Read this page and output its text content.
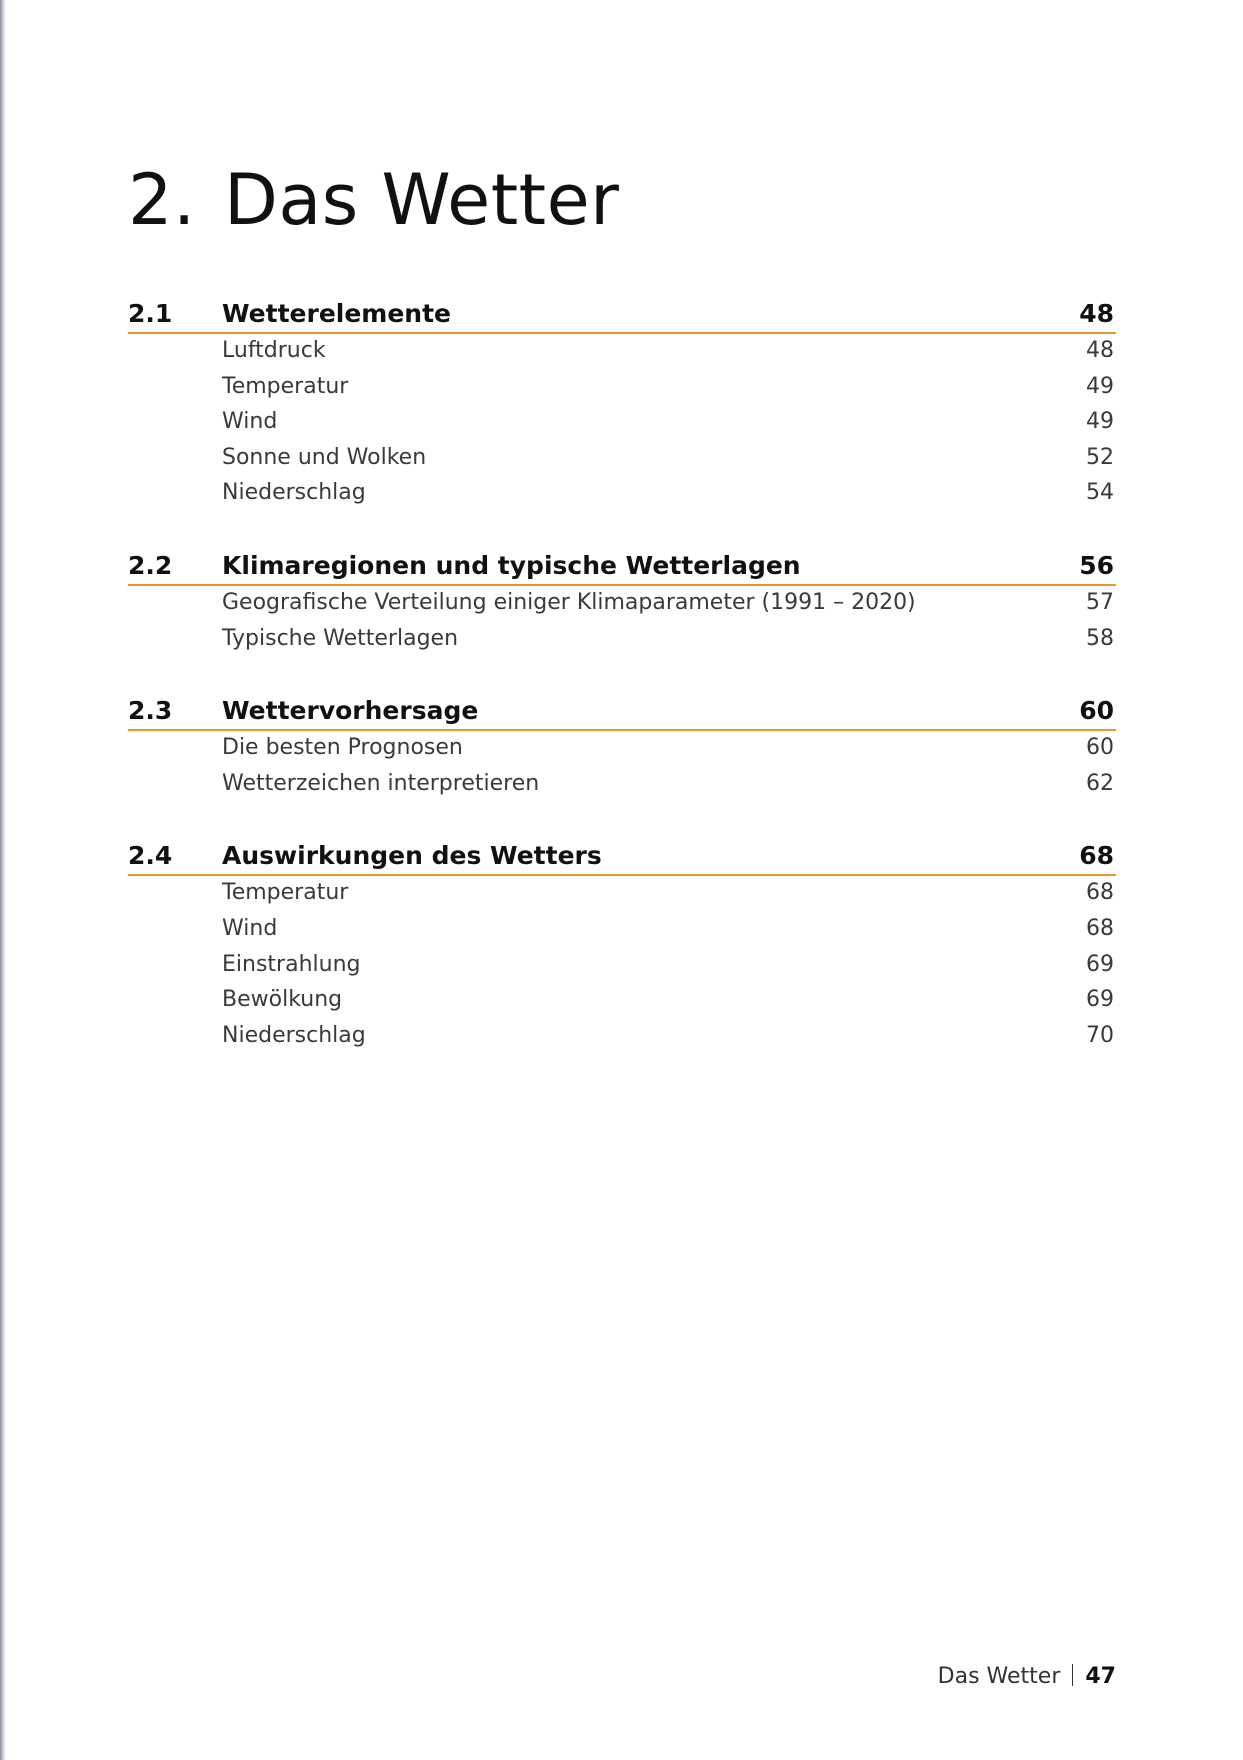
2. Das Wetter
2.1 Wetterelemente	48
Luftdruck	48
Temperatur	49
Wind	49
Sonne und Wolken	52
Niederschlag	54
2.2 Klimaregionen und typische Wetterlagen	56
Geografische Verteilung einiger Klimaparameter (1991 – 2020)	57
Typische Wetterlagen	58
2.3 Wettervorhersage	60
Die besten Prognosen	60
Wetterzeichen interpretieren	62
2.4 Auswirkungen des Wetters	68
Temperatur	68
Wind	68
Einstrahlung	69
Bewölkung	69
Niederschlag	70
Das Wetter 47
